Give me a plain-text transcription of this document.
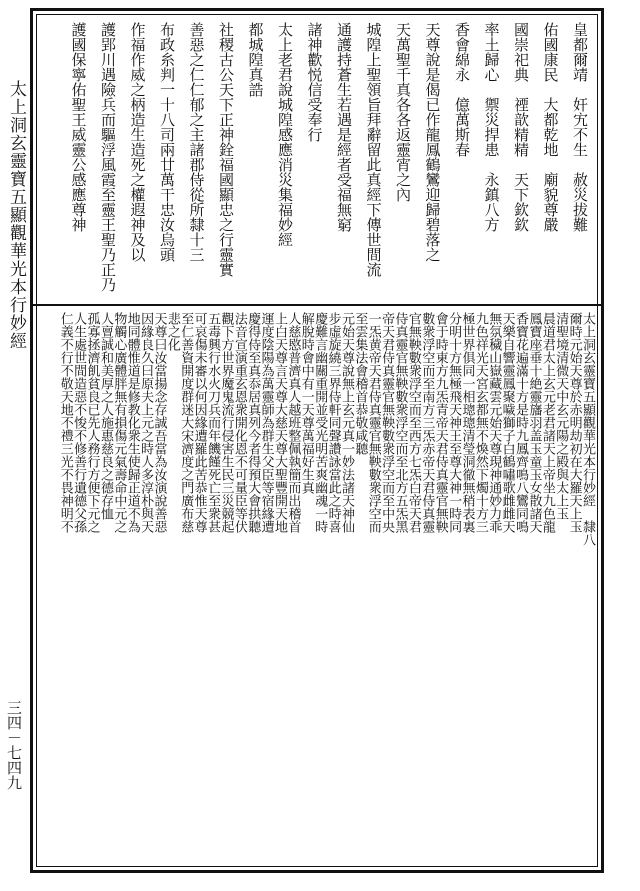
太上洞玄靈寶五顯觀華光本行妙經
三四－七四九
皇都爾靖　奸宄不生　赦災拔難
佑國康民　大都乾地　廟貌尊嚴
國崇祀典　禋歆精精　天下欽欽
率土歸心　禦災捍患　永鎮八方
香會綿永　億萬斯春
天尊說是偈已作龍鳳鶴鸞迎歸碧落之
天萬聖千真各各返靈宵之內
城隍上聖領旨拜辭留此真經下傳世間流
通護持蒼生若遇是經者受福無窮
諸神歡悦信受奉行
太上老君說城隍感應消災集福妙經
都城隍真誥
社稷古公天下正神銓福國顯忠之行靈實
善惡之仁仁郁之主諸郡侍從所隸十三
布政糸判一十八司兩廿萬干忠汝烏頭
作福作威之柄造生造死之權遐神及以
護郢川遇險兵而驅浮風霞至靈王聖乃正乃
護國保寧佑聖王威靈公感應尊神
太上洞玄靈寶五顯觀華光本行妙經　隸八
爾時元始天尊於赤明劫初在大羅天上玉
清聖境清微天中玄元陽之殿與太上玉
晨道君太上玄元老君諸天上帝坐九色龍
鳳寶座垂十絶靈旛羽盖玉童玉女散諸天
香寶花遍滿十方是時九鳳齊鳴八鸞同鳴
天樂自響靈鳳聚噦獅子白鶴嘯歌雌雌天
無氛穢山嶽藏雲元始天尊現神通妙力乖
九色祥光天宮玄都無不煥然下燭十方三
極世界俱同一相璁璁清瑩洞徹無稍表裏
分明十方無極飛天神王至尊大神一時同
會于時東方九炁青帝天君侍真靈官無鞅
數衆浮空而至南方三炁赤帝天君侍真靈
官無鞅數衆浮空而至西方七炁白帝天君
侍真靈官無鞅數衆浮空而至北方五炁黑
帝天君侍真靈官無鞅數衆浮空而至中央
一炁黄帝天君侍真靈官無鞅數衆浮空而
至雲集法會稽首恭敬咸聽
元始天尊說無上玄元真一妙法諸天神仙
步虛旋繞三界侍軒同聲讚詠當此之時喜
慶難言幽關重開並受光明苦爽幽魂一時
解脫時會中有一天尊萬福好生真
人慈愍普濟真人越班整佩執簡而出稽首
上白天尊言天尊大慈天尊大聖豐開天地
運度陰陽為萬靈師為群生父臣等宿緣遭
慶得侍至真忝居真列今者得預大會拱聽
法音宣演重玄恩衆開化恩不可量臣等伏
觀下方世界魔鬼流行侵害生民三災競起
五毒興行水火刀兵而年饑饉死亡至衆甚
可哀傷未審以何因緣遭羅此苦恭惟天尊
至仁善資開度群迷大宋濟度之門廣布慈
悲之化
天尊曰汝當揚念存誠吾當為汝演說善惡
因緣良久曰原夫上元之時人多淳朴與天
地同體惟道是修教化衆生使歸正道不為
物觸心廣體胖無有損傷元氣壽命中元之
人亶誠和美厚之人施惠慈良之德存恤
孤寡拯濟飢貧良已先人務行方便下元之
人生處世間造惡不悛不修善行遺德父孫
仁義不行不敬天地不禮三光不畏神明不
